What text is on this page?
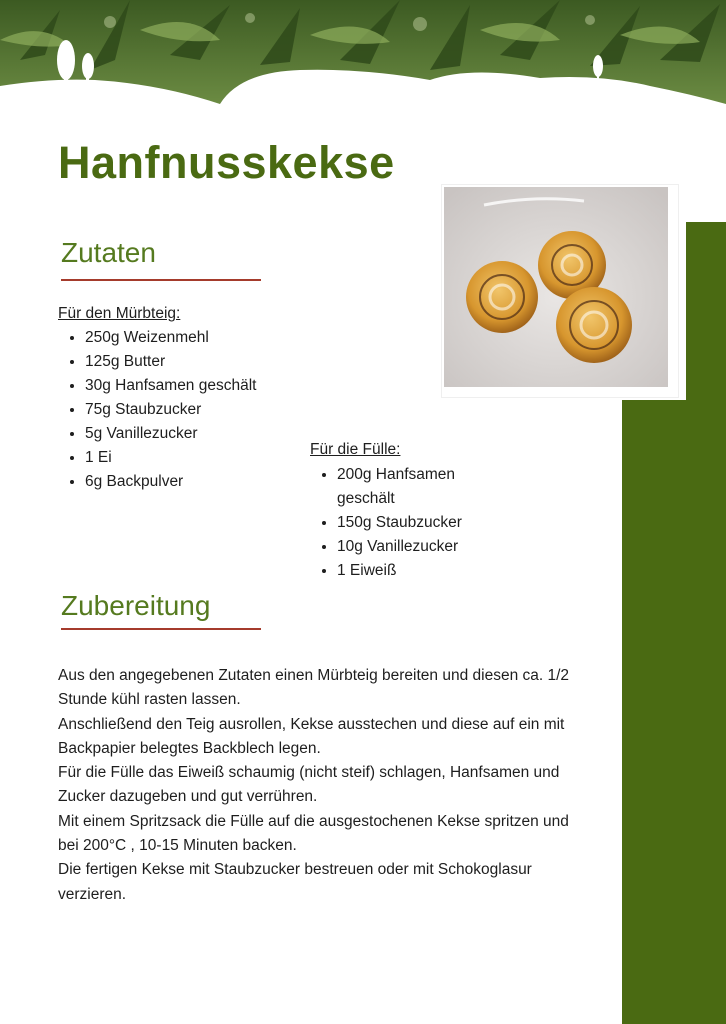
Hanfnusskekse
Zutaten
Für den Mürbteig:
• 250g Weizenmehl
• 125g Butter
• 30g Hanfsamen geschält
• 75g Staubzucker
• 5g Vanillezucker
• 1 Ei
• 6g Backpulver
Für die Fülle:
• 200g Hanfsamen geschält
• 150g Staubzucker
• 10g Vanillezucker
• 1 Eiweiß
Zubereitung

Aus den angegebenen Zutaten einen Mürbteig bereiten und diesen ca. 1/2 Stunde kühl rasten lassen.

Anschließend den Teig ausrollen, Kekse ausstechen und diese auf ein mit Backpapier belegtes Backblech legen.

Für die Fülle das Eiweiß schaumig (nicht steif) schlagen, Hanfsamen und Zucker dazugeben und gut verrühren.

Mit einem Spritzsack die Fülle auf die ausgestochenen Kekse spritzen und bei 200°C , 10-15 Minuten backen.

Die fertigen Kekse mit Staubzucker bestreuen oder mit Schokoglasur verzieren.
